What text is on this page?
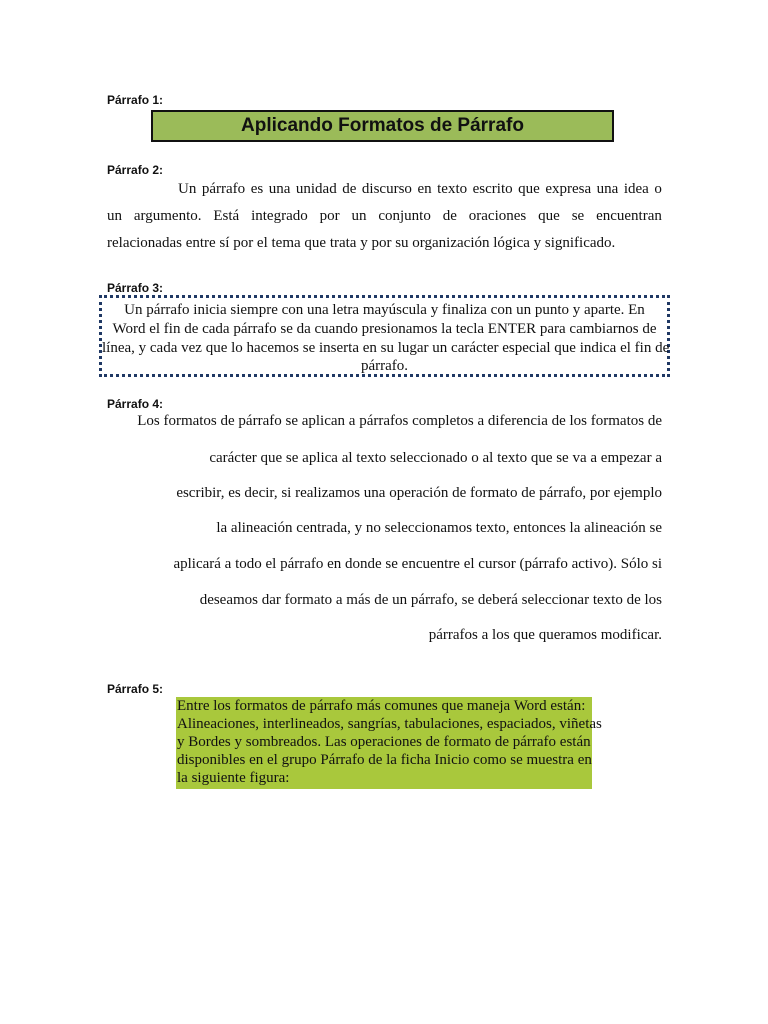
Párrafo 1:
Aplicando Formatos de Párrafo
Párrafo 2:
Un párrafo es una unidad de discurso en texto escrito que expresa una idea o
un argumento. Está integrado por un conjunto de oraciones que se encuentran
relacionadas entre sí por el tema que trata y por su organización lógica y significado.
Párrafo 3:
Un párrafo inicia siempre con una letra mayúscula y finaliza con un punto y aparte. En
Word el fin de cada párrafo se da cuando presionamos la tecla ENTER para cambiarnos de
línea, y cada vez que lo hacemos se inserta en su lugar un carácter especial que indica el fin de
párrafo.
Párrafo 4:
Los formatos de párrafo se aplican a párrafos completos a diferencia de los formatos de
carácter que se aplica al texto seleccionado o al texto que se va a empezar a
escribir, es decir, si realizamos una operación de formato de párrafo, por ejemplo
la alineación centrada, y no seleccionamos texto, entonces la alineación se
aplicará a todo el párrafo en donde se encuentre el cursor (párrafo activo). Sólo si
deseamos dar formato a más de un párrafo, se deberá seleccionar texto de los
párrafos a los que queramos modificar.
Párrafo 5:
Entre los formatos de párrafo más comunes que maneja Word están:
Alineaciones, interlineados, sangrías, tabulaciones, espaciados, viñetas
y Bordes y sombreados. Las operaciones de formato de párrafo están
disponibles en el grupo Párrafo de la ficha Inicio como se muestra en
la siguiente figura:
